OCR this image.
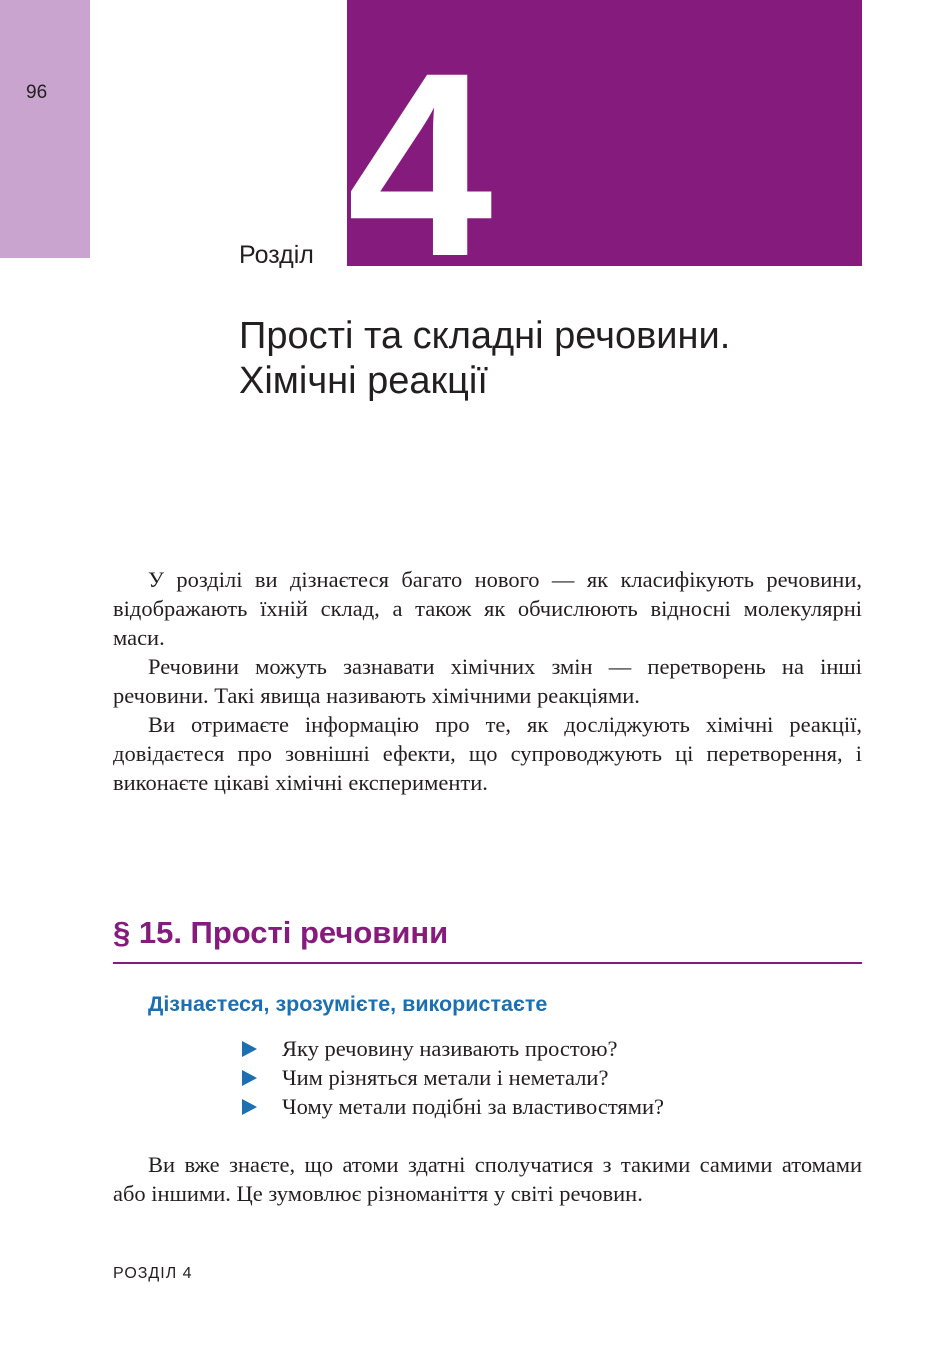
96 4
Розділ
Прості та складні речовини.
Хімічні реакції

У розділі ви дізнаєтеся багато нового — як класифікують речовини, відображають їхній склад, а також як обчислюють відносні молекулярні маси.

Речовини можуть зазнавати хімічних змін — перетворень на інші речовини. Такі явища називають хімічними реакціями.

Ви отримаєте інформацію про те, як досліджують хімічні реакції, довідаєтеся про зовнішні ефекти, що супроводжують ці перетворення, і виконаєте цікаві хімічні експерименти.

§ 15. Прості речовини
Дізнаєтеся, зрозумієте, використаєте
Яку речовину називають простою?
Чим різняться метали і неметали?
Чому метали подібні за властивостями?

Ви вже знаєте, що атоми здатні сполучатися з такими самими атомами або іншими. Це зумовлює різноманіття у світі речовин.

РОЗДІЛ 4
